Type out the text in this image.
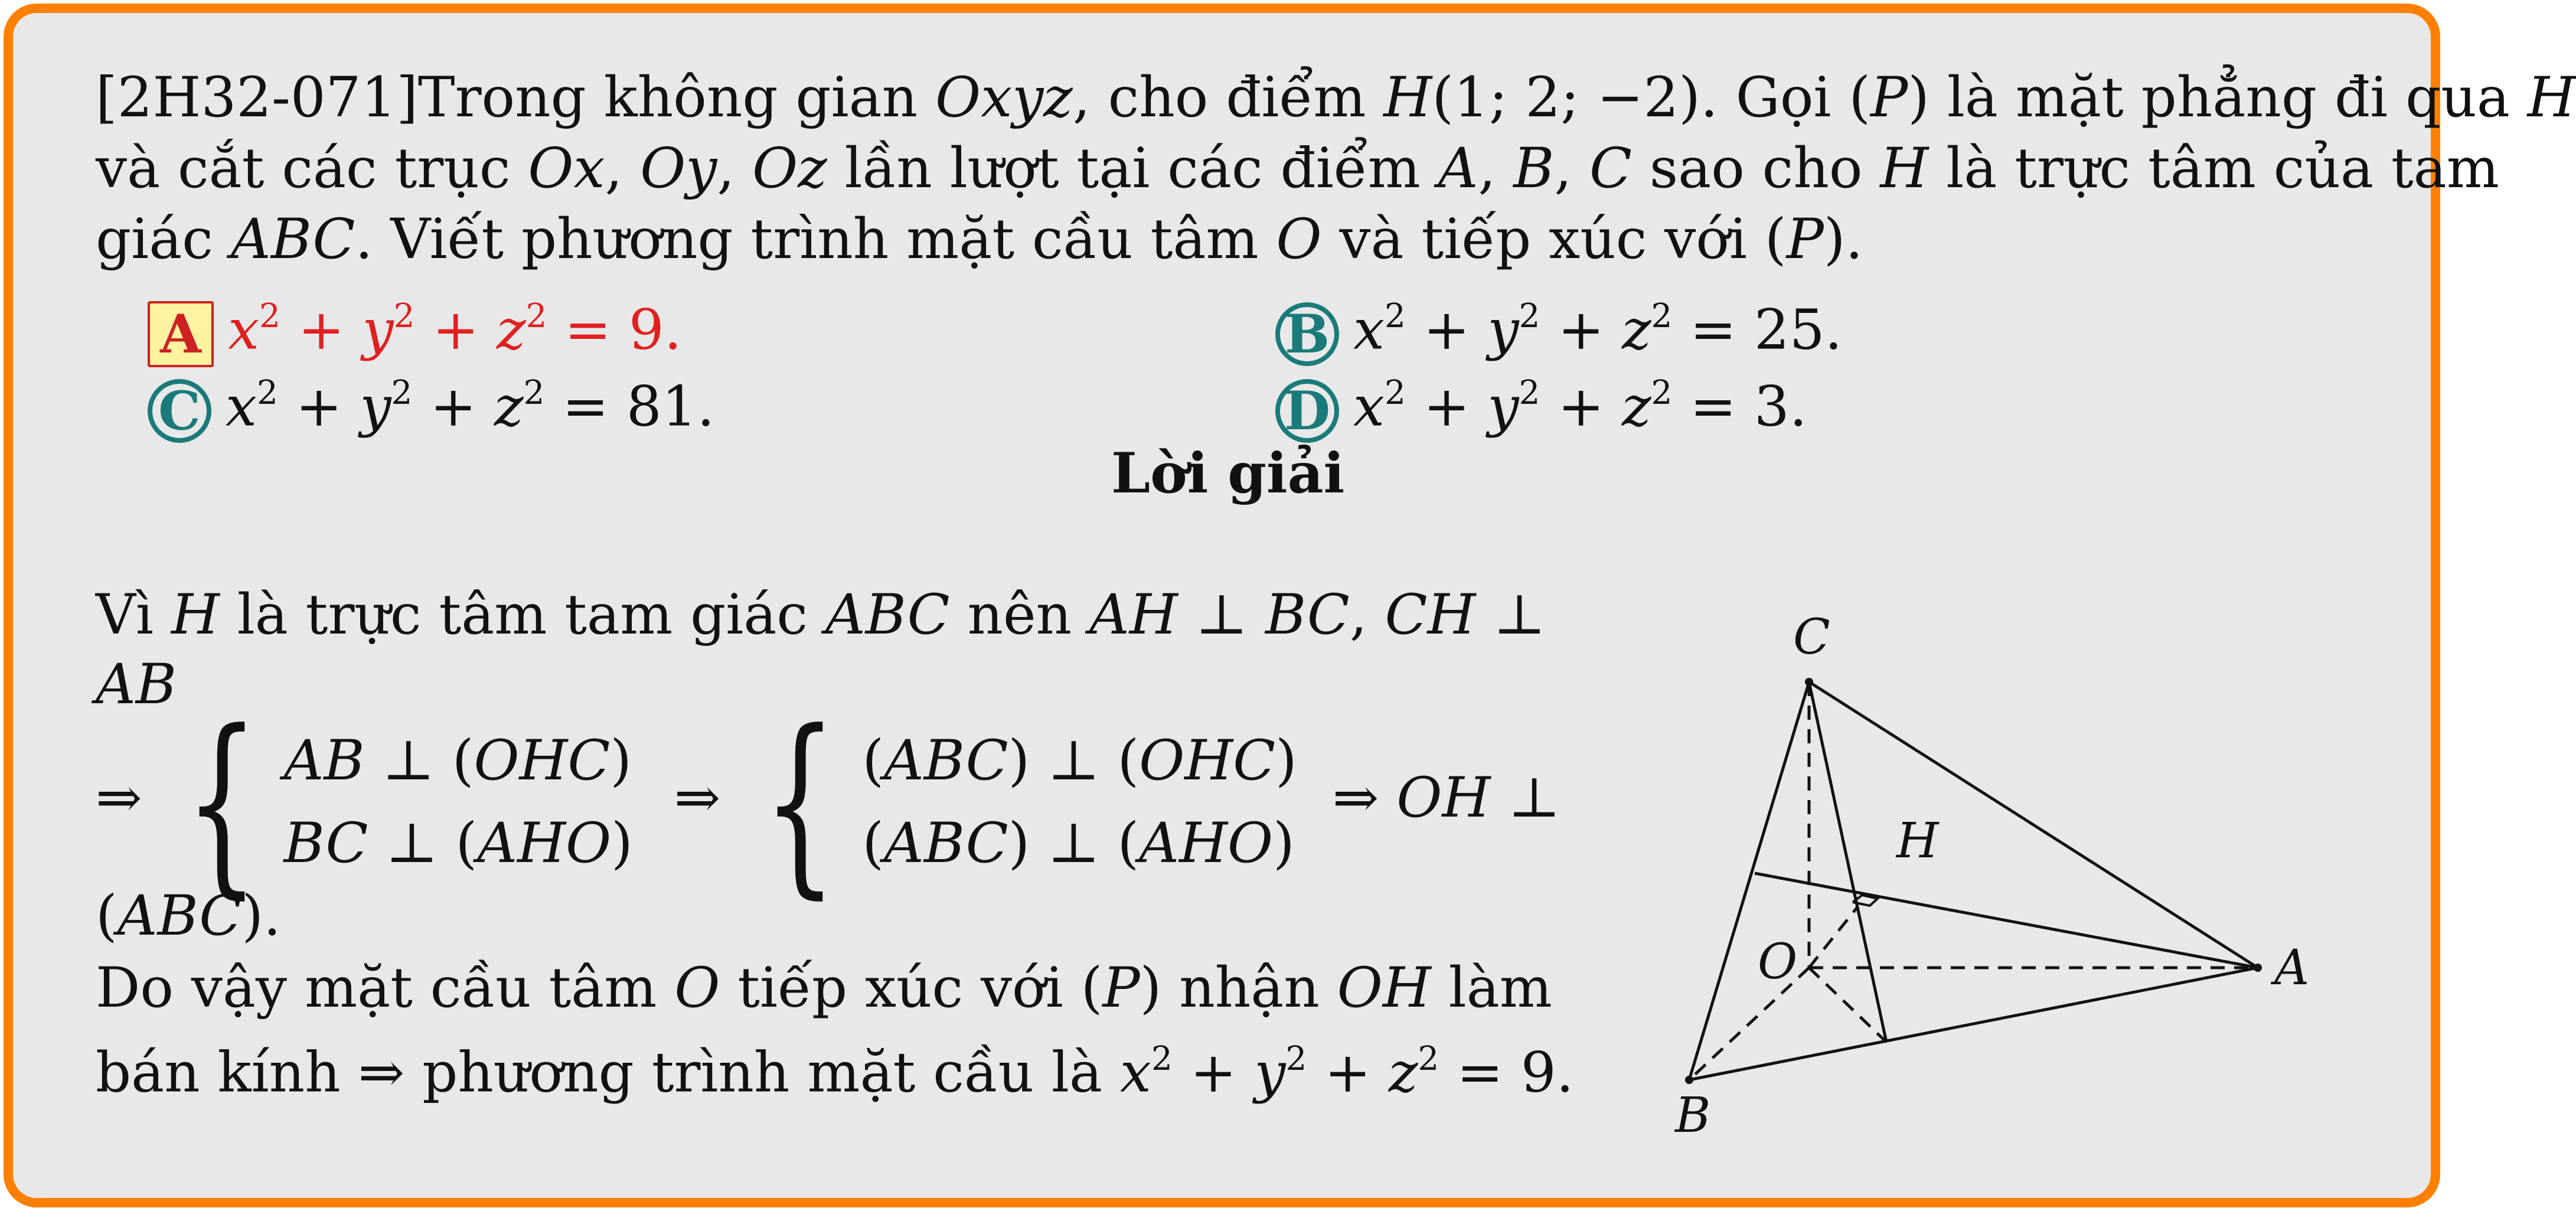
[2H32-071]Trong không gian Oxyz, cho điểm H(1; 2; −2). Gọi (P) là mặt phẳng đi qua H
và cắt các trục Ox, Oy, Oz lần lượt tại các điểm A, B, C sao cho H là trực tâm của tam
giác ABC. Viết phương trình mặt cầu tâm O và tiếp xúc với (P).
A $x^2 + y^2 + z^2 = 9$.	B $x^2 + y^2 + z^2 = 25$.
C $x^2 + y^2 + z^2 = 81$.	D $x^2 + y^2 + z^2 = 3$.
Lời giải
Vì H là trực tâm tam giác ABC nên AH ⊥ BC, CH ⊥
AB
⇒ { AB ⊥ (OHC)
BC ⊥ (AHO) ⇒ { (ABC) ⊥ (OHC)
(ABC) ⊥ (AHO) ⇒ OH ⊥
(ABC).
Do vậy mặt cầu tâm O tiếp xúc với (P) nhận OH làm
bán kính ⇒ phương trình mặt cầu là $x^2 + y^2 + z^2 = 9$.
C
A
B
O
H
